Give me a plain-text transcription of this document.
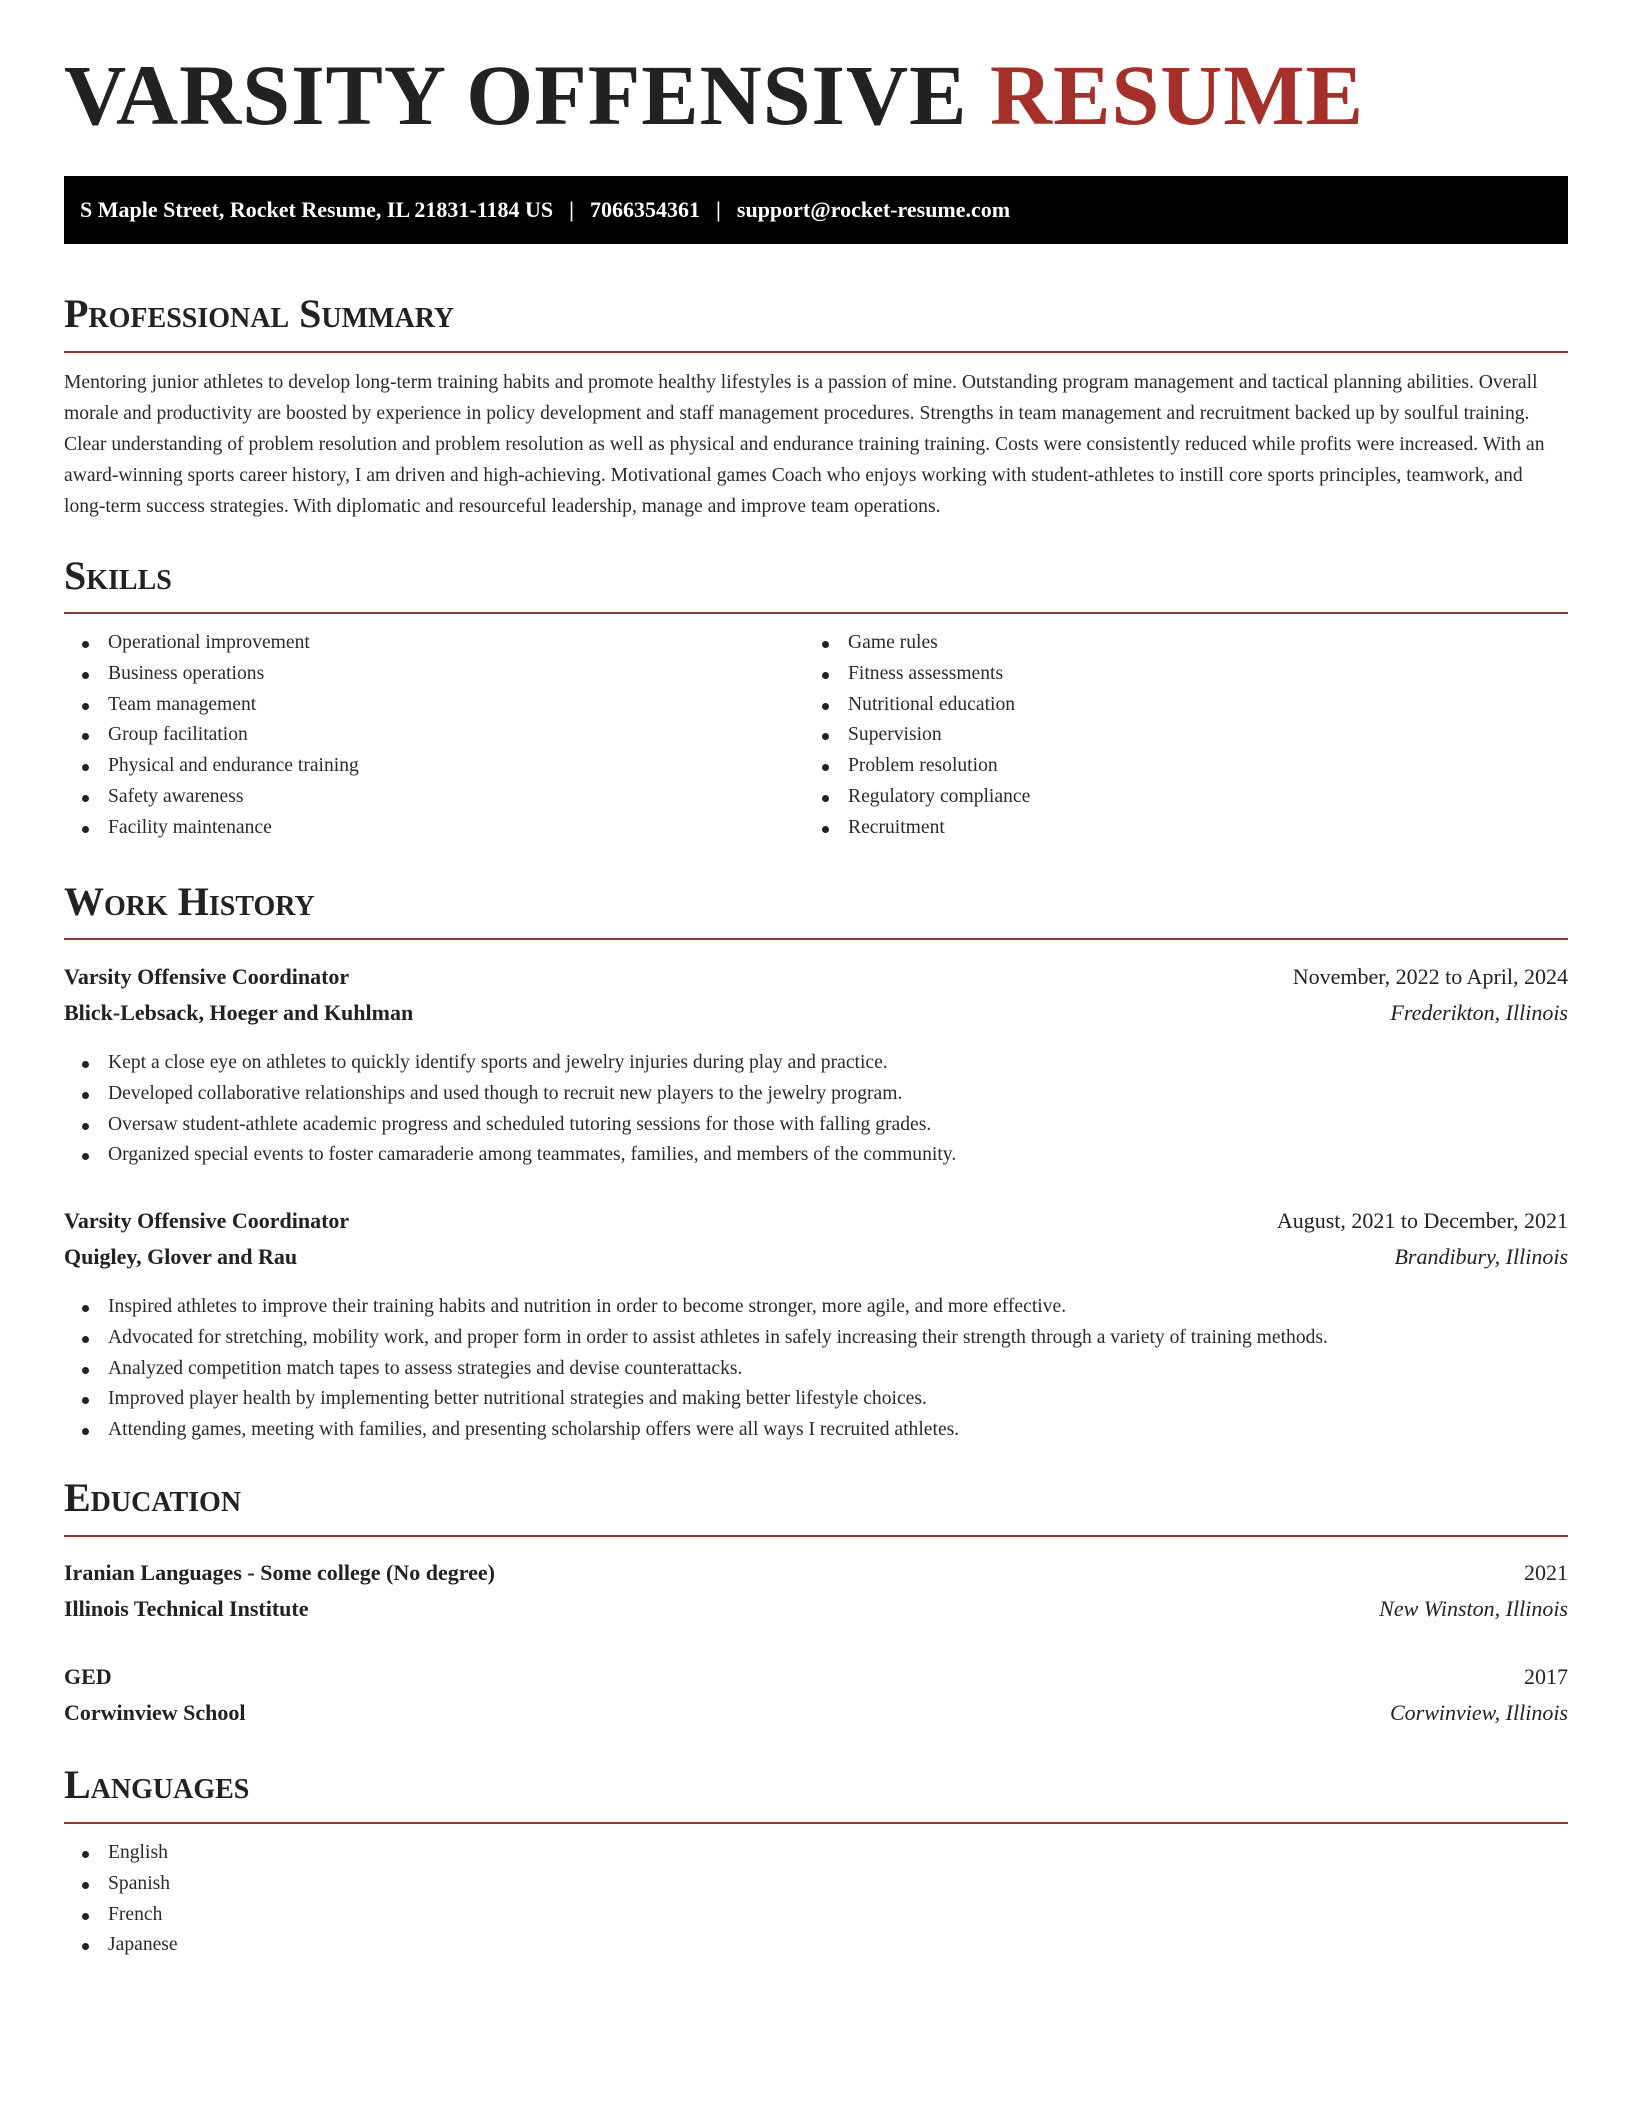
VARSITY OFFENSIVE RESUME
S Maple Street, Rocket Resume, IL 21831-1184 US | 7066354361 | support@rocket-resume.com
Professional Summary

Mentoring junior athletes to develop long-term training habits and promote healthy lifestyles is a passion of mine. Outstanding program management and tactical planning abilities. Overall morale and productivity are boosted by experience in policy development and staff management procedures. Strengths in team management and recruitment backed up by soulful training. Clear understanding of problem resolution and problem resolution as well as physical and endurance training training. Costs were consistently reduced while profits were increased. With an award-winning sports career history, I am driven and high-achieving. Motivational games Coach who enjoys working with student-athletes to instill core sports principles, teamwork, and long-term success strategies. With diplomatic and resourceful leadership, manage and improve team operations.

Skills
Operational improvement
Business operations
Team management
Group facilitation
Physical and endurance training
Safety awareness
Facility maintenance
Game rules
Fitness assessments
Nutritional education
Supervision
Problem resolution
Regulatory compliance
Recruitment
Work History
Varsity Offensive Coordinator	November, 2022 to April, 2024
Blick-Lebsack, Hoeger and Kuhlman	Frederikton, Illinois
Kept a close eye on athletes to quickly identify sports and jewelry injuries during play and practice.
Developed collaborative relationships and used though to recruit new players to the jewelry program.
Oversaw student-athlete academic progress and scheduled tutoring sessions for those with falling grades.
Organized special events to foster camaraderie among teammates, families, and members of the community.
Varsity Offensive Coordinator	August, 2021 to December, 2021
Quigley, Glover and Rau	Brandibury, Illinois
Inspired athletes to improve their training habits and nutrition in order to become stronger, more agile, and more effective.
Advocated for stretching, mobility work, and proper form in order to assist athletes in safely increasing their strength through a variety of training methods.
Analyzed competition match tapes to assess strategies and devise counterattacks.
Improved player health by implementing better nutritional strategies and making better lifestyle choices.
Attending games, meeting with families, and presenting scholarship offers were all ways I recruited athletes.
Education
Iranian Languages - Some college (No degree)	2021
Illinois Technical Institute	New Winston, Illinois
GED	2017
Corwinview School	Corwinview, Illinois
Languages
English
Spanish
French
Japanese
